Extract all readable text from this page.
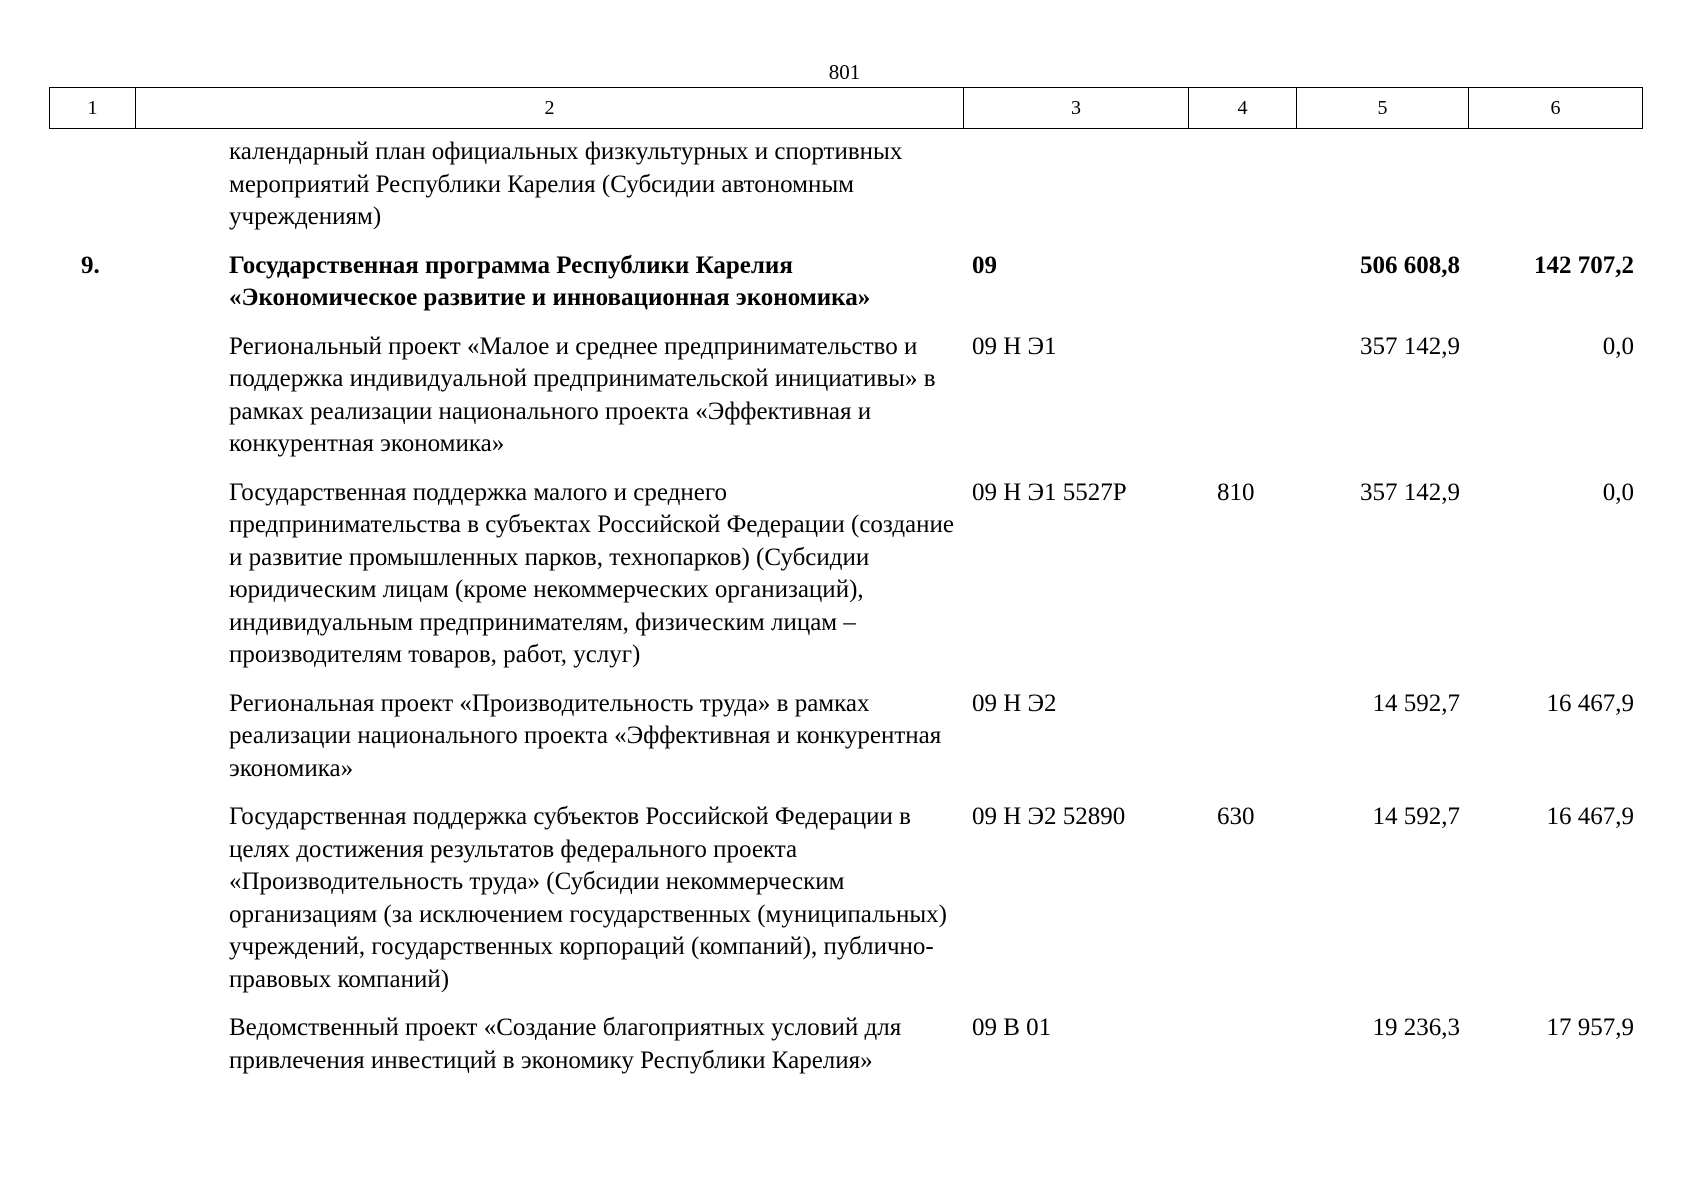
801
1	2	3	4	5	6
	календарный план официальных физкультурных и спортивных мероприятий Республики Карелия (Субсидии автономным учреждениям)				

9.	Государственная программа Республики Карелия «Экономическое развитие и инновационная экономика»	09		506 608,8	142 707,2

	Региональный проект «Малое и среднее предпринимательство и поддержка индивидуальной предпринимательской инициативы» в рамках реализации национального проекта «Эффективная и конкурентная экономика»	09 Н Э1		357 142,9	0,0

	Государственная поддержка малого и среднего предпринимательства в субъектах Российской Федерации (создание и развитие промышленных парков, технопарков) (Субсидии юридическим лицам (кроме некоммерческих организаций), индивидуальным предпринимателям, физическим лицам – производителям товаров, работ, услуг)	09 Н Э1 5527Р	810	357 142,9	0,0

	Региональная проект «Производительность труда» в рамках реализации национального проекта «Эффективная и конкурентная экономика»	09 Н Э2		14 592,7	16 467,9

	Государственная поддержка субъектов Российской Федерации в целях достижения результатов федерального проекта «Производительность труда» (Субсидии некоммерческим организациям (за исключением государственных (муниципальных) учреждений, государственных корпораций (компаний), публично-правовых компаний)	09 Н Э2 52890	630	14 592,7	16 467,9

	Ведомственный проект «Создание благоприятных условий для привлечения инвестиций в экономику Республики Карелия»	09 В 01		19 236,3	17 957,9
